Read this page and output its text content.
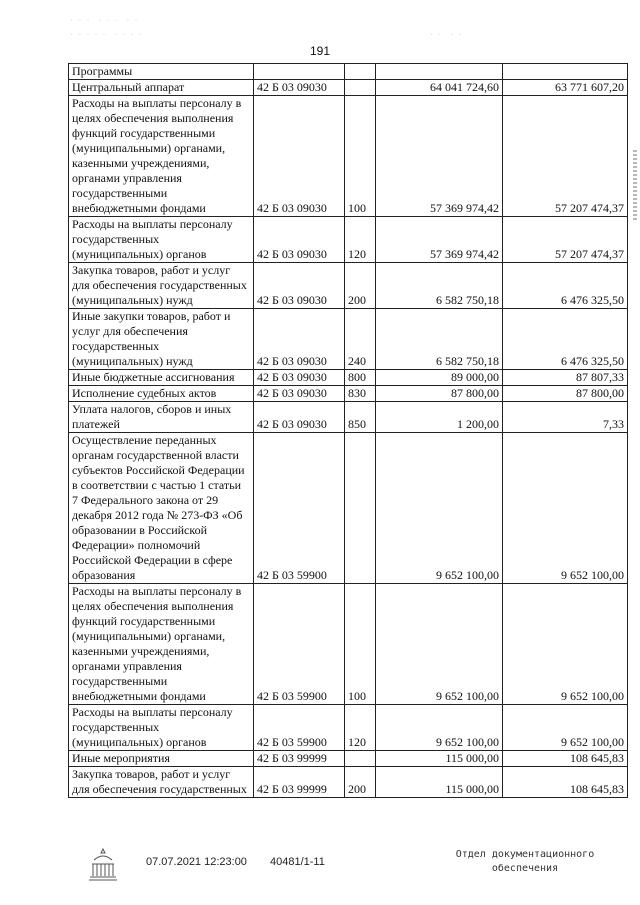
· · ·  · · ·  · ·
· · · · ·  · · · ·	· ·  · ·
191
Программы				
Центральный аппарат	42 Б 03 09030		64 041 724,60	63 771 607,20
Расходы на выплаты персоналу в целях обеспечения выполнения функций государственными (муниципальными) органами, казенными учреждениями, органами управления государственными внебюджетными фондами	42 Б 03 09030	100	57 369 974,42	57 207 474,37
Расходы на выплаты персоналу государственных (муниципальных) органов	42 Б 03 09030	120	57 369 974,42	57 207 474,37
Закупка товаров, работ и услуг для обеспечения государственных (муниципальных) нужд	42 Б 03 09030	200	6 582 750,18	6 476 325,50
Иные закупки товаров, работ и услуг для обеспечения государственных (муниципальных) нужд	42 Б 03 09030	240	6 582 750,18	6 476 325,50
Иные бюджетные ассигнования	42 Б 03 09030	800	89 000,00	87 807,33
Исполнение судебных актов	42 Б 03 09030	830	87 800,00	87 800,00
Уплата налогов, сборов и иных платежей	42 Б 03 09030	850	1 200,00	7,33
Осуществление переданных органам государственной власти субъектов Российской Федерации в соответствии с частью 1 статьи 7 Федерального закона от 29 декабря 2012 года № 273-ФЗ «Об образовании в Российской Федерации» полномочий Российской Федерации в сфере образования	42 Б 03 59900		9 652 100,00	9 652 100,00
Расходы на выплаты персоналу в целях обеспечения выполнения функций государственными (муниципальными) органами, казенными учреждениями, органами управления государственными внебюджетными фондами	42 Б 03 59900	100	9 652 100,00	9 652 100,00
Расходы на выплаты персоналу государственных (муниципальных) органов	42 Б 03 59900	120	9 652 100,00	9 652 100,00
Иные мероприятия	42 Б 03 99999		115 000,00	108 645,83
Закупка товаров, работ и услуг для обеспечения государственных	42 Б 03 99999	200	115 000,00	108 645,83
07.07.2021 12:23:00 40481/1-11
Отдел документационного
обеспечения
